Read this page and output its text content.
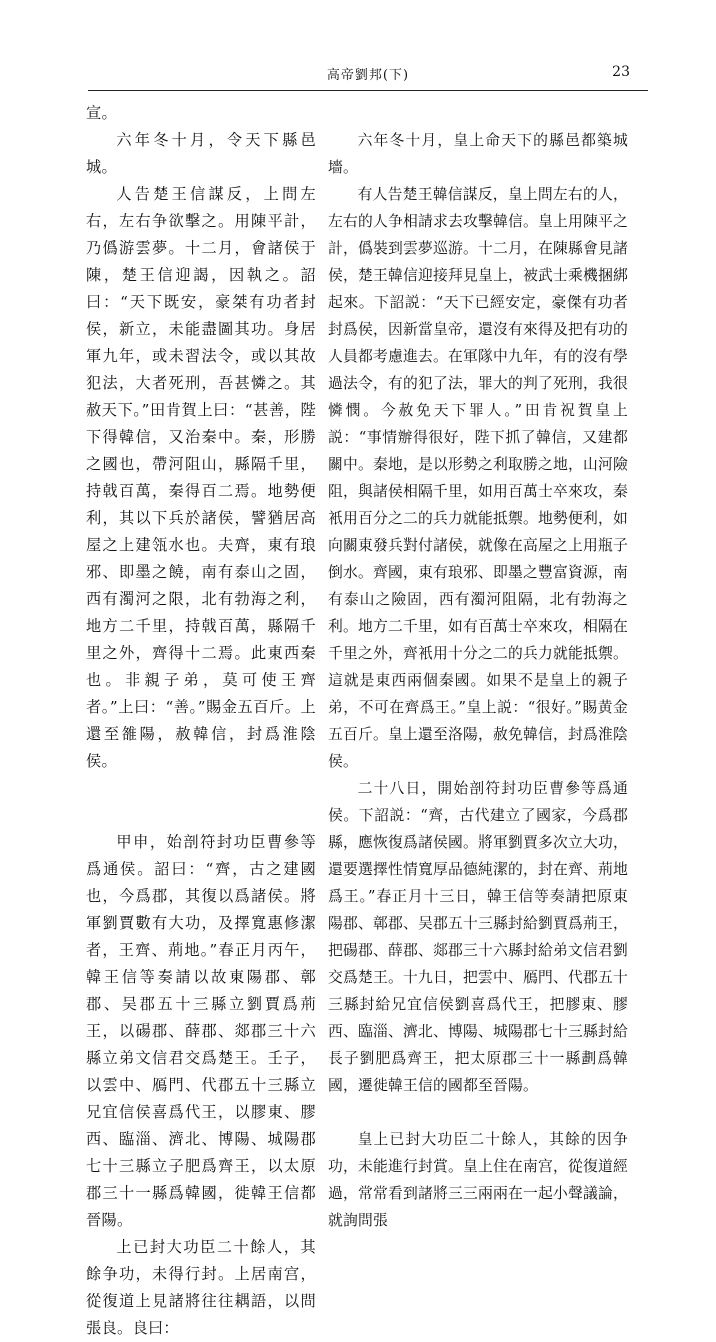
高帝劉邦(下)	23

宣。

六年冬十月，令天下縣邑城。

人告楚王信謀反，上問左右，左右争欲擊之。用陳平計，乃僞游雲夢。十二月，會諸侯于陳，楚王信迎謁，因執之。詔曰：“天下既安，豪桀有功者封侯，新立，未能盡圖其功。身居軍九年，或未習法令，或以其故犯法，大者死刑，吾甚憐之。其赦天下。”田肯賀上曰：“甚善，陛下得韓信，又治秦中。秦，形勝之國也，帶河阻山，縣隔千里，持戟百萬，秦得百二焉。地勢便利，其以下兵於諸侯，譬猶居高屋之上建瓴水也。夫齊，東有琅邪、即墨之饒，南有泰山之固，西有濁河之限，北有勃海之利，地方二千里，持戟百萬，縣隔千里之外，齊得十二焉。此東西秦也。非親子弟，莫可使王齊者。”上曰：“善。”賜金五百斤。上還至雒陽，赦韓信，封爲淮陰侯。

甲申，始剖符封功臣曹參等爲通侯。詔曰：“齊，古之建國也，今爲郡，其復以爲諸侯。將軍劉賈數有大功，及擇寬惠修潔者，王齊、荊地。”春正月丙午，韓王信等奏請以故東陽郡、鄣郡、吴郡五十三縣立劉賈爲荊王，以碭郡、薛郡、郯郡三十六縣立弟文信君交爲楚王。壬子，以雲中、鴈門、代郡五十三縣立兄宜信侯喜爲代王，以膠東、膠西、臨淄、濟北、博陽、城陽郡七十三縣立子肥爲齊王，以太原郡三十一縣爲韓國，徙韓王信都晉陽。

上已封大功臣二十餘人，其餘争功，未得行封。上居南宫，從復道上見諸將往往耦語，以問張良。良曰：

六年冬十月，皇上命天下的縣邑都築城墻。

有人告楚王韓信謀反，皇上問左右的人，左右的人争相請求去攻擊韓信。皇上用陳平之計，僞裝到雲夢巡游。十二月，在陳縣會見諸侯，楚王韓信迎接拜見皇上，被武士乘機捆綁起來。下詔説：“天下已經安定，豪傑有功者封爲侯，因新當皇帝，還沒有來得及把有功的人員都考慮進去。在軍隊中九年，有的沒有學過法令，有的犯了法，罪大的判了死刑，我很憐憫。今赦免天下罪人。”田肯祝賀皇上説：“事情辦得很好，陛下抓了韓信，又建都關中。秦地，是以形勢之利取勝之地，山河險阻，與諸侯相隔千里，如用百萬士卒來攻，秦衹用百分之二的兵力就能抵禦。地勢便利，如向關東發兵對付諸侯，就像在高屋之上用瓶子倒水。齊國，東有琅邪、即墨之豐富資源，南有泰山之險固，西有濁河阻隔，北有勃海之利。地方二千里，如有百萬士卒來攻，相隔在千里之外，齊衹用十分之二的兵力就能抵禦。這就是東西兩個秦國。如果不是皇上的親子弟，不可在齊爲王。”皇上説：“很好。”賜黄金五百斤。皇上還至洛陽，赦免韓信，封爲淮陰侯。

二十八日，開始剖符封功臣曹參等爲通侯。下詔説：“齊，古代建立了國家，今爲郡縣，應恢復爲諸侯國。將軍劉賈多次立大功，還要選擇性情寬厚品德純潔的，封在齊、荊地爲王。”春正月十三日，韓王信等奏請把原東陽郡、鄣郡、吴郡五十三縣封給劉賈爲荊王，把碭郡、薛郡、郯郡三十六縣封給弟文信君劉交爲楚王。十九日，把雲中、鴈門、代郡五十三縣封給兄宜信侯劉喜爲代王，把膠東、膠西、臨淄、濟北、博陽、城陽郡七十三縣封給長子劉肥爲齊王，把太原郡三十一縣劃爲韓國，遷徙韓王信的國都至晉陽。

皇上已封大功臣二十餘人，其餘的因争功，未能進行封賞。皇上住在南宫，從復道經過，常常看到諸將三三兩兩在一起小聲議論，就詢問張
